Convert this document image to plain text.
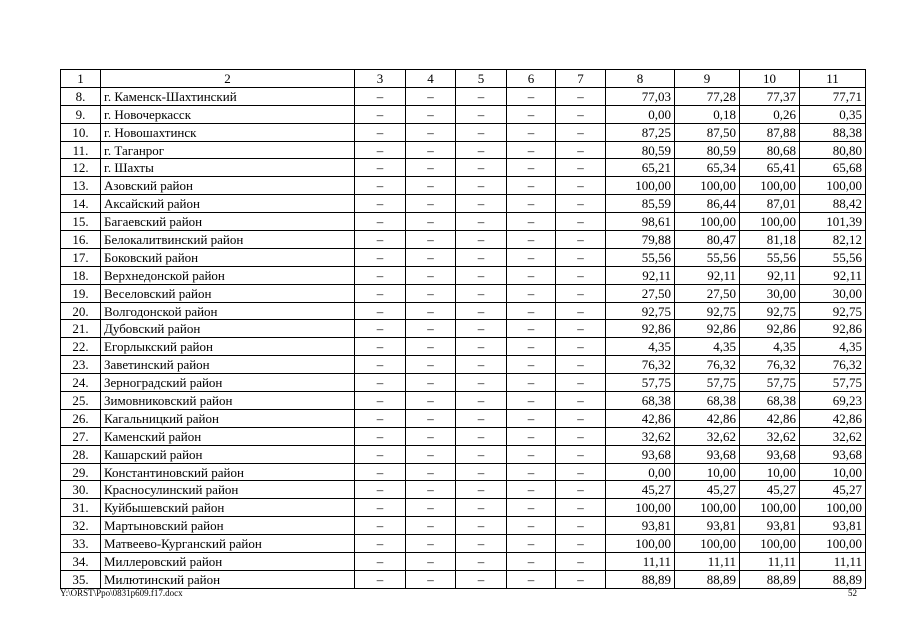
1	2	3	4	5	6	7	8	9	10	11
8.	г. Каменск-Шахтинский	–	–	–	–	–	77,03	77,28	77,37	77,71
9.	г. Новочеркасск	–	–	–	–	–	0,00	0,18	0,26	0,35
10.	г. Новошахтинск	–	–	–	–	–	87,25	87,50	87,88	88,38
11.	г. Таганрог	–	–	–	–	–	80,59	80,59	80,68	80,80
12.	г. Шахты	–	–	–	–	–	65,21	65,34	65,41	65,68
13.	Азовский район	–	–	–	–	–	100,00	100,00	100,00	100,00
14.	Аксайский район	–	–	–	–	–	85,59	86,44	87,01	88,42
15.	Багаевский район	–	–	–	–	–	98,61	100,00	100,00	101,39
16.	Белокалитвинский район	–	–	–	–	–	79,88	80,47	81,18	82,12
17.	Боковский район	–	–	–	–	–	55,56	55,56	55,56	55,56
18.	Верхнедонской район	–	–	–	–	–	92,11	92,11	92,11	92,11
19.	Веселовский район	–	–	–	–	–	27,50	27,50	30,00	30,00
20.	Волгодонской район	–	–	–	–	–	92,75	92,75	92,75	92,75
21.	Дубовский район	–	–	–	–	–	92,86	92,86	92,86	92,86
22.	Егорлыкский район	–	–	–	–	–	4,35	4,35	4,35	4,35
23.	Заветинский район	–	–	–	–	–	76,32	76,32	76,32	76,32
24.	Зерноградский район	–	–	–	–	–	57,75	57,75	57,75	57,75
25.	Зимовниковский район	–	–	–	–	–	68,38	68,38	68,38	69,23
26.	Кагальницкий район	–	–	–	–	–	42,86	42,86	42,86	42,86
27.	Каменский район	–	–	–	–	–	32,62	32,62	32,62	32,62
28.	Кашарский район	–	–	–	–	–	93,68	93,68	93,68	93,68
29.	Константиновский район	–	–	–	–	–	0,00	10,00	10,00	10,00
30.	Красносулинский район	–	–	–	–	–	45,27	45,27	45,27	45,27
31.	Куйбышевский район	–	–	–	–	–	100,00	100,00	100,00	100,00
32.	Мартыновский район	–	–	–	–	–	93,81	93,81	93,81	93,81
33.	Матвеево-Курганский район	–	–	–	–	–	100,00	100,00	100,00	100,00
34.	Миллеровский район	–	–	–	–	–	11,11	11,11	11,11	11,11
35.	Милютинский район	–	–	–	–	–	88,89	88,89	88,89	88,89
Y:\ORST\Ppo\0831p609.f17.docx	52
